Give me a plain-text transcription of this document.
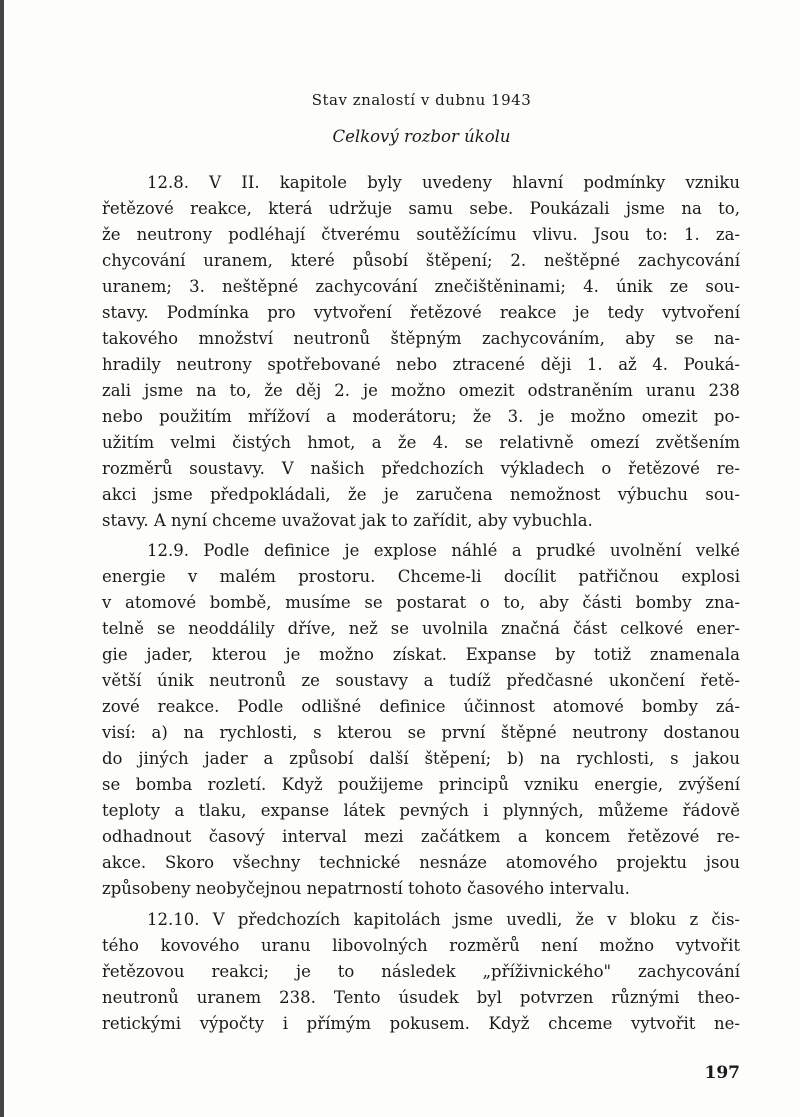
Stav znalostí v dubnu 1943
Celkový rozbor úkolu
12.8. V II. kapitole byly uvedeny hlavní podmínky vzniku
řetězové reakce, která udržuje samu sebe. Poukázali jsme na to,
že neutrony podléhají čtverému soutěžícímu vlivu. Jsou to: 1. za-
chycování uranem, které působí štěpení; 2. neštěpné zachycování
uranem; 3. neštěpné zachycování znečištěninami; 4. únik ze sou-
stavy. Podmínka pro vytvoření řetězové reakce je tedy vytvoření
takového množství neutronů štěpným zachycováním, aby se na-
hradily neutrony spotřebované nebo ztracené ději 1. až 4. Pouká-
zali jsme na to, že děj 2. je možno omezit odstraněním uranu 238
nebo použitím mřížoví a moderátoru; že 3. je možno omezit po-
užitím velmi čistých hmot, a že 4. se relativně omezí zvětšením
rozměrů soustavy. V našich předchozích výkladech o řetězové re-
akci jsme předpokládali, že je zaručena nemožnost výbuchu sou-
stavy. A nyní chceme uvažovat jak to zařídit, aby vybuchla.
12.9. Podle definice je explose náhlé a prudké uvolnění velké
energie v malém prostoru. Chceme-li docílit patřičnou explosi
v atomové bombě, musíme se postarat o to, aby části bomby zna-
telně se neoddálily dříve, než se uvolnila značná část celkové ener-
gie jader, kterou je možno získat. Expanse by totiž znamenala
větší únik neutronů ze soustavy a tudíž předčasné ukončení řetě-
zové reakce. Podle odlišné definice účinnost atomové bomby zá-
visí: a) na rychlosti, s kterou se první štěpné neutrony dostanou
do jiných jader a způsobí další štěpení; b) na rychlosti, s jakou
se bomba rozletí. Když použijeme principů vzniku energie, zvýšení
teploty a tlaku, expanse látek pevných i plynných, můžeme řádově
odhadnout časový interval mezi začátkem a koncem řetězové re-
akce. Skoro všechny technické nesnáze atomového projektu jsou
způsobeny neobyčejnou nepatrností tohoto časového intervalu.
12.10. V předchozích kapitolách jsme uvedli, že v bloku z čis-
tého kovového uranu libovolných rozměrů není možno vytvořit
řetězovou reakci; je to následek „příživnického" zachycování
neutronů uranem 238. Tento úsudek byl potvrzen různými theo-
retickými výpočty i přímým pokusem. Když chceme vytvořit ne-
197
